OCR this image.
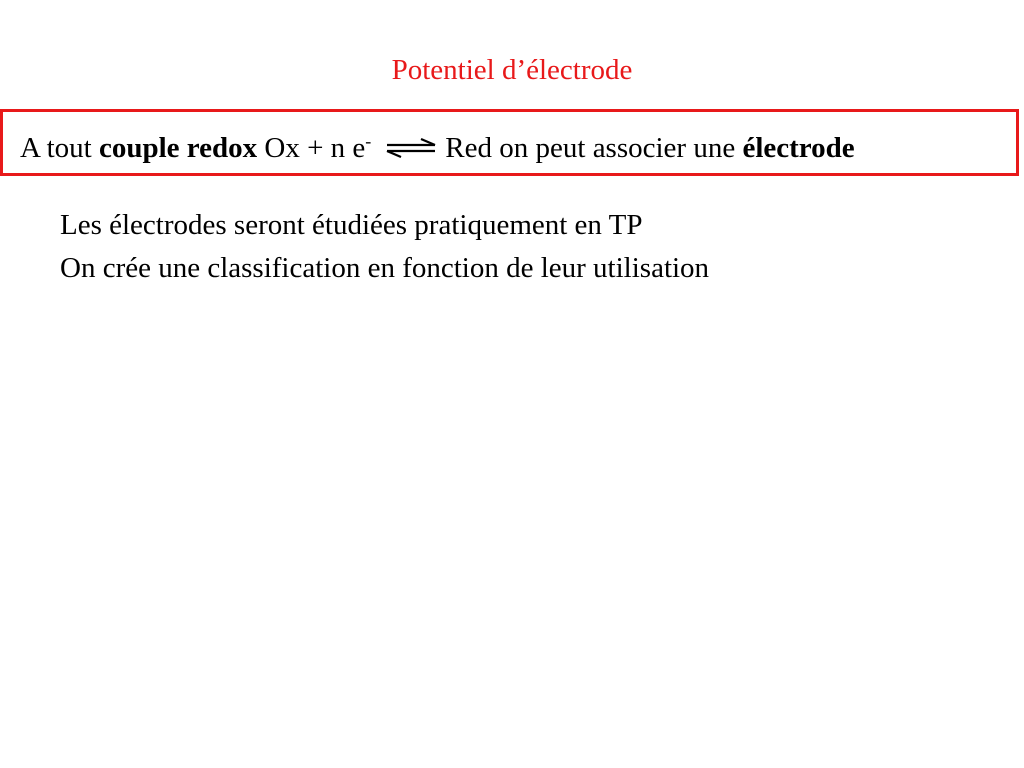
Potentiel d’électrode
A tout couple redox Ox + n e- ⇌ Red on peut associer une électrode
Les électrodes seront étudiées pratiquement en TP
On crée une classification en fonction de leur utilisation
